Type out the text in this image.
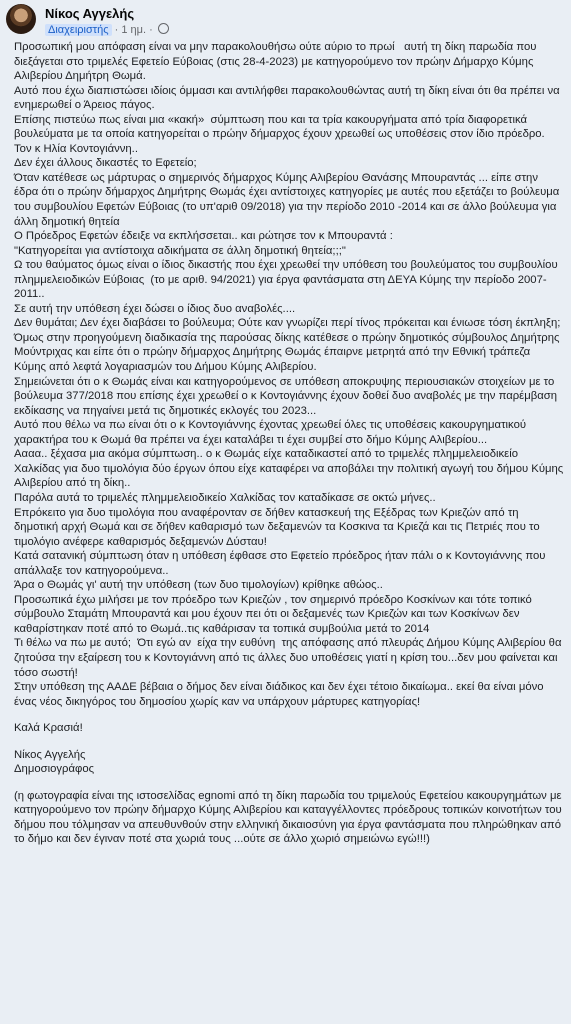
Νίκος Αγγελής
Διαχειριστής · 1 ημ. ·

Προσωπική μου απόφαση είναι να μην παρακολουθήσω ούτε αύριο το πρωί   αυτή τη δίκη παρωδία που διεξάγεται στο τριμελές Εφετείο Εύβοιας (στις 28-4-2023) με κατηγορούμενο τον πρώην Δήμαρχο Κύμης Αλιβερίου Δημήτρη Θωμά.

Αυτό που έχω διαπιστώσει ιδίοις όμμασι και αντιλήφθει παρακολουθώντας αυτή τη δίκη είναι ότι θα πρέπει να ενημερωθεί ο Άρειος πάγος.

Επίσης πιστεύω πως είναι μια «κακή»  σύμπτωση που και τα τρία κακουργήματα από τρία διαφορετικά βουλεύματα με τα οποία κατηγορείται ο πρώην δήμαρχος έχουν χρεωθεί ως υποθέσεις στον ίδιο πρόεδρο. Τον κ Ηλία Κοντογιάννη..

Δεν έχει άλλους δικαστές το Εφετείο;

Όταν κατέθεσε ως μάρτυρας ο σημερινός δήμαρχος Κύμης Αλιβερίου Θανάσης Μπουραντάς ... είπε στην έδρα ότι ο πρώην δήμαρχος Δημήτρης Θωμάς έχει αντίστοιχες κατηγορίες με αυτές που εξετάζει το βούλευμα του συμβουλίου Εφετών Εύβοιας (το υπ'αριθ 09/2018) για την περίοδο 2010 -2014 και σε άλλο βούλευμα για άλλη δημοτική θητεία

Ο Πρόεδρος Εφετών έδειξε να εκπλήσσεται.. και ρώτησε τον κ Μπουραντά :

"Κατηγορείται για αντίστοιχα αδικήματα σε άλλη δημοτική θητεία;;;"

Ω του θαύματος όμως είναι ο ίδιος δικαστής που έχει χρεωθεί την υπόθεση του βουλεύματος του συμβουλίου πλημμελειοδικών Εύβοιας  (το με αριθ. 94/2021) για έργα φαντάσματα στη ΔΕΥΑ Κύμης την περίοδο 2007-2011..

Σε αυτή την υπόθεση έχει δώσει ο ίδιος δυο αναβολές....

Δεν θυμάται; Δεν έχει διαβάσει το βούλευμα; Ούτε καν γνωρίζει περί τίνος πρόκειται και ένιωσε τόση έκπληξη;

Όμως στην προηγούμενη διαδικασία της παρούσας δίκης κατέθεσε ο πρώην δημοτικός σύμβουλος Δημήτρης Μούντριχας και είπε ότι ο πρώην δήμαρχος Δημήτρης Θωμάς έπαιρνε μετρητά από την Εθνική τράπεζα Κύμης από λεφτά λογαριασμών του Δήμου Κύμης Αλιβερίου.

Σημειώνεται ότι ο κ Θωμάς είναι και κατηγορούμενος σε υπόθεση αποκρυψης περιουσιακών στοιχείων με το βούλευμα 377/2018 που επίσης έχει χρεωθεί ο κ Κοντογιάννης έχουν δοθεί δυο αναβολές με την παρέμβαση εκδίκασης να πηγαίνει μετά τις δημοτικές εκλογές του 2023...

Αυτό που θέλω να πω είναι ότι ο κ Κοντογιάννης έχοντας χρεωθεί όλες τις υποθέσεις κακουργηματικού χαρακτήρα του κ Θωμά θα πρέπει να έχει καταλάβει τι έχει συμβεί στο δήμο Κύμης Αλιβερίου...

Αααα.. ξέχασα μια ακόμα σύμπτωση.. ο κ Θωμάς είχε καταδικαστεί από το τριμελές πλημμελειοδικείο Χαλκίδας για δυο τιμολόγια δύο έργων όπου είχε καταφέρει να αποβάλει την πολιτική αγωγή του δήμου Κύμης Αλιβερίου από τη δίκη..

Παρόλα αυτά το τριμελές πλημμελειοδικείο Χαλκίδας τον καταδίκασε σε οκτώ μήνες..

Επρόκειτο για δυο τιμολόγια που αναφέρονταν σε δήθεν κατασκευή της Εξέδρας των Κριεζών από τη δημοτική αρχή Θωμά και σε δήθεν καθαρισμό των δεξαμενών τα Κοσκινα τα Κριεζά και τις Πετριές που το τιμολόγιο ανέφερε καθαρισμός δεξαμενών Δύσταυ!

Κατά σατανική σύμπτωση όταν η υπόθεση έφθασε στο Εφετείο πρόεδρος ήταν πάλι ο κ Κοντογιάννης που απάλλαξε τον κατηγορούμενα..

Άρα ο Θωμάς γι' αυτή την υπόθεση (των δυο τιμολογίων) κρίθηκε αθώος..

Προσωπικά έχω μιλήσει με τον πρόεδρο των Κριεζών , τον σημερινό πρόεδρο Κοσκίνων και τότε τοπικό σύμβουλο Σταμάτη Μπουραντά και μου έχουν πει ότι οι δεξαμενές των Κριεζών και των Κοσκίνων δεν καθαρίστηκαν ποτέ από το Θωμά..τις καθάρισαν τα τοπικά συμβούλια μετά το 2014

Τι θέλω να πω με αυτό;  Ότι εγώ αν  είχα την ευθύνη  της απόφασης από πλευράς Δήμου Κύμης Αλιβερίου θα ζητούσα την εξαίρεση του κ Κοντογιάννη από τις άλλες δυο υποθέσεις γιατί η κρίση του...δεν μου φαίνεται και τόσο σωστή!

Στην υπόθεση της ΑΑΔΕ βέβαια ο δήμος δεν είναι διάδικος και δεν έχει τέτοιο δικαίωμα.. εκεί θα είναι μόνο ένας νέος δικηγόρος του δημοσίου χωρίς καν να υπάρχουν μάρτυρες κατηγορίας!

Καλά Κρασιά!

Νίκος Αγγελής

Δημοσιογράφος

(η φωτογραφία είναι της ιστοσελίδας egnomi από τη δίκη παρωδία του τριμελούς Εφετείου κακουργημάτων με κατηγορούμενο τον πρώην δήμαρχο Κύμης Αλιβερίου και καταγγέλλοντες πρόεδρους τοπικών κοινοτήτων του δήμου που τόλμησαν να απευθυνθούν στην ελληνική δικαιοσύνη για έργα φαντάσματα που πληρώθηκαν από το δήμο και δεν έγιναν ποτέ στα χωριά τους ...ούτε σε άλλο χωριό σημειώνω εγώ!!!)
